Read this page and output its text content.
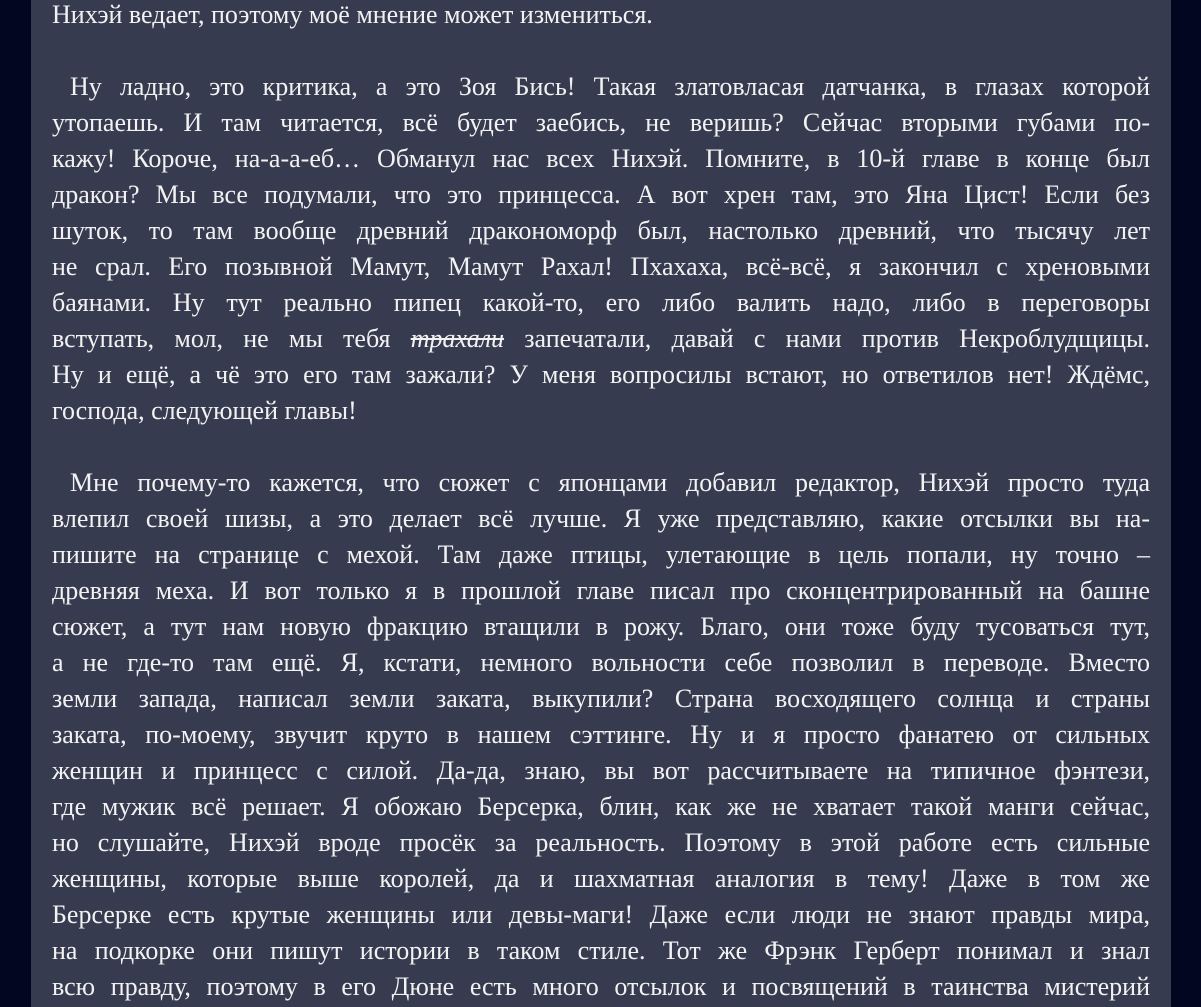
Нихэй ведает, поэтому моё мнение может измениться.
Ну ладно, это критика, а это Зоя Бись! Такая златовласая датчанка, в глазах которой
утопаешь. И там читается, всё будет заебись, не веришь? Сейчас вторыми губами по-
кажу! Короче, на-а-а-еб… Обманул нас всех Нихэй. Помните, в 10-й главе в конце был
дракон? Мы все подумали, что это принцесса. А вот хрен там, это Яна Цист! Если без
шуток, то там вообще древний дракономорф был, настолько древний, что тысячу лет
не срал. Его позывной Мамут, Мамут Рахал! Пхахаха, всё-всё, я закончил с хреновыми
баянами. Ну тут реально пипец какой-то, его либо валить надо, либо в переговоры
вступать, мол, не мы тебя трахали запечатали, давай с нами против Некроблудщицы.
Ну и ещё, а чё это его там зажали? У меня вопросилы встают, но ответилов нет! Ждёмс,
господа, следующей главы!
Мне почему-то кажется, что сюжет с японцами добавил редактор, Нихэй просто туда
влепил своей шизы, а это делает всё лучше. Я уже представляю, какие отсылки вы на-
пишите на странице с мехой. Там даже птицы, улетающие в цель попали, ну точно –
древняя меха. И вот только я в прошлой главе писал про сконцентрированный на башне
сюжет, а тут нам новую фракцию втащили в рожу. Благо, они тоже буду тусоваться тут,
а не где-то там ещё. Я, кстати, немного вольности себе позволил в переводе. Вместо
земли запада, написал земли заката, выкупили? Страна восходящего солнца и страны
заката, по-моему, звучит круто в нашем сэттинге. Ну и я просто фанатею от сильных
женщин и принцесс с силой. Да-да, знаю, вы вот рассчитываете на типичное фэнтези,
где мужик всё решает. Я обожаю Берсерка, блин, как же не хватает такой манги сейчас,
но слушайте, Нихэй вроде просёк за реальность. Поэтому в этой работе есть сильные
женщины, которые выше королей, да и шахматная аналогия в тему! Даже в том же
Берсерке есть крутые женщины или девы-маги! Даже если люди не знают правды мира,
на подкорке они пишут истории в таком стиле. Тот же Фрэнк Герберт понимал и знал
всю правду, поэтому в его Дюне есть много отсылок и посвящений в таинства мистерий
